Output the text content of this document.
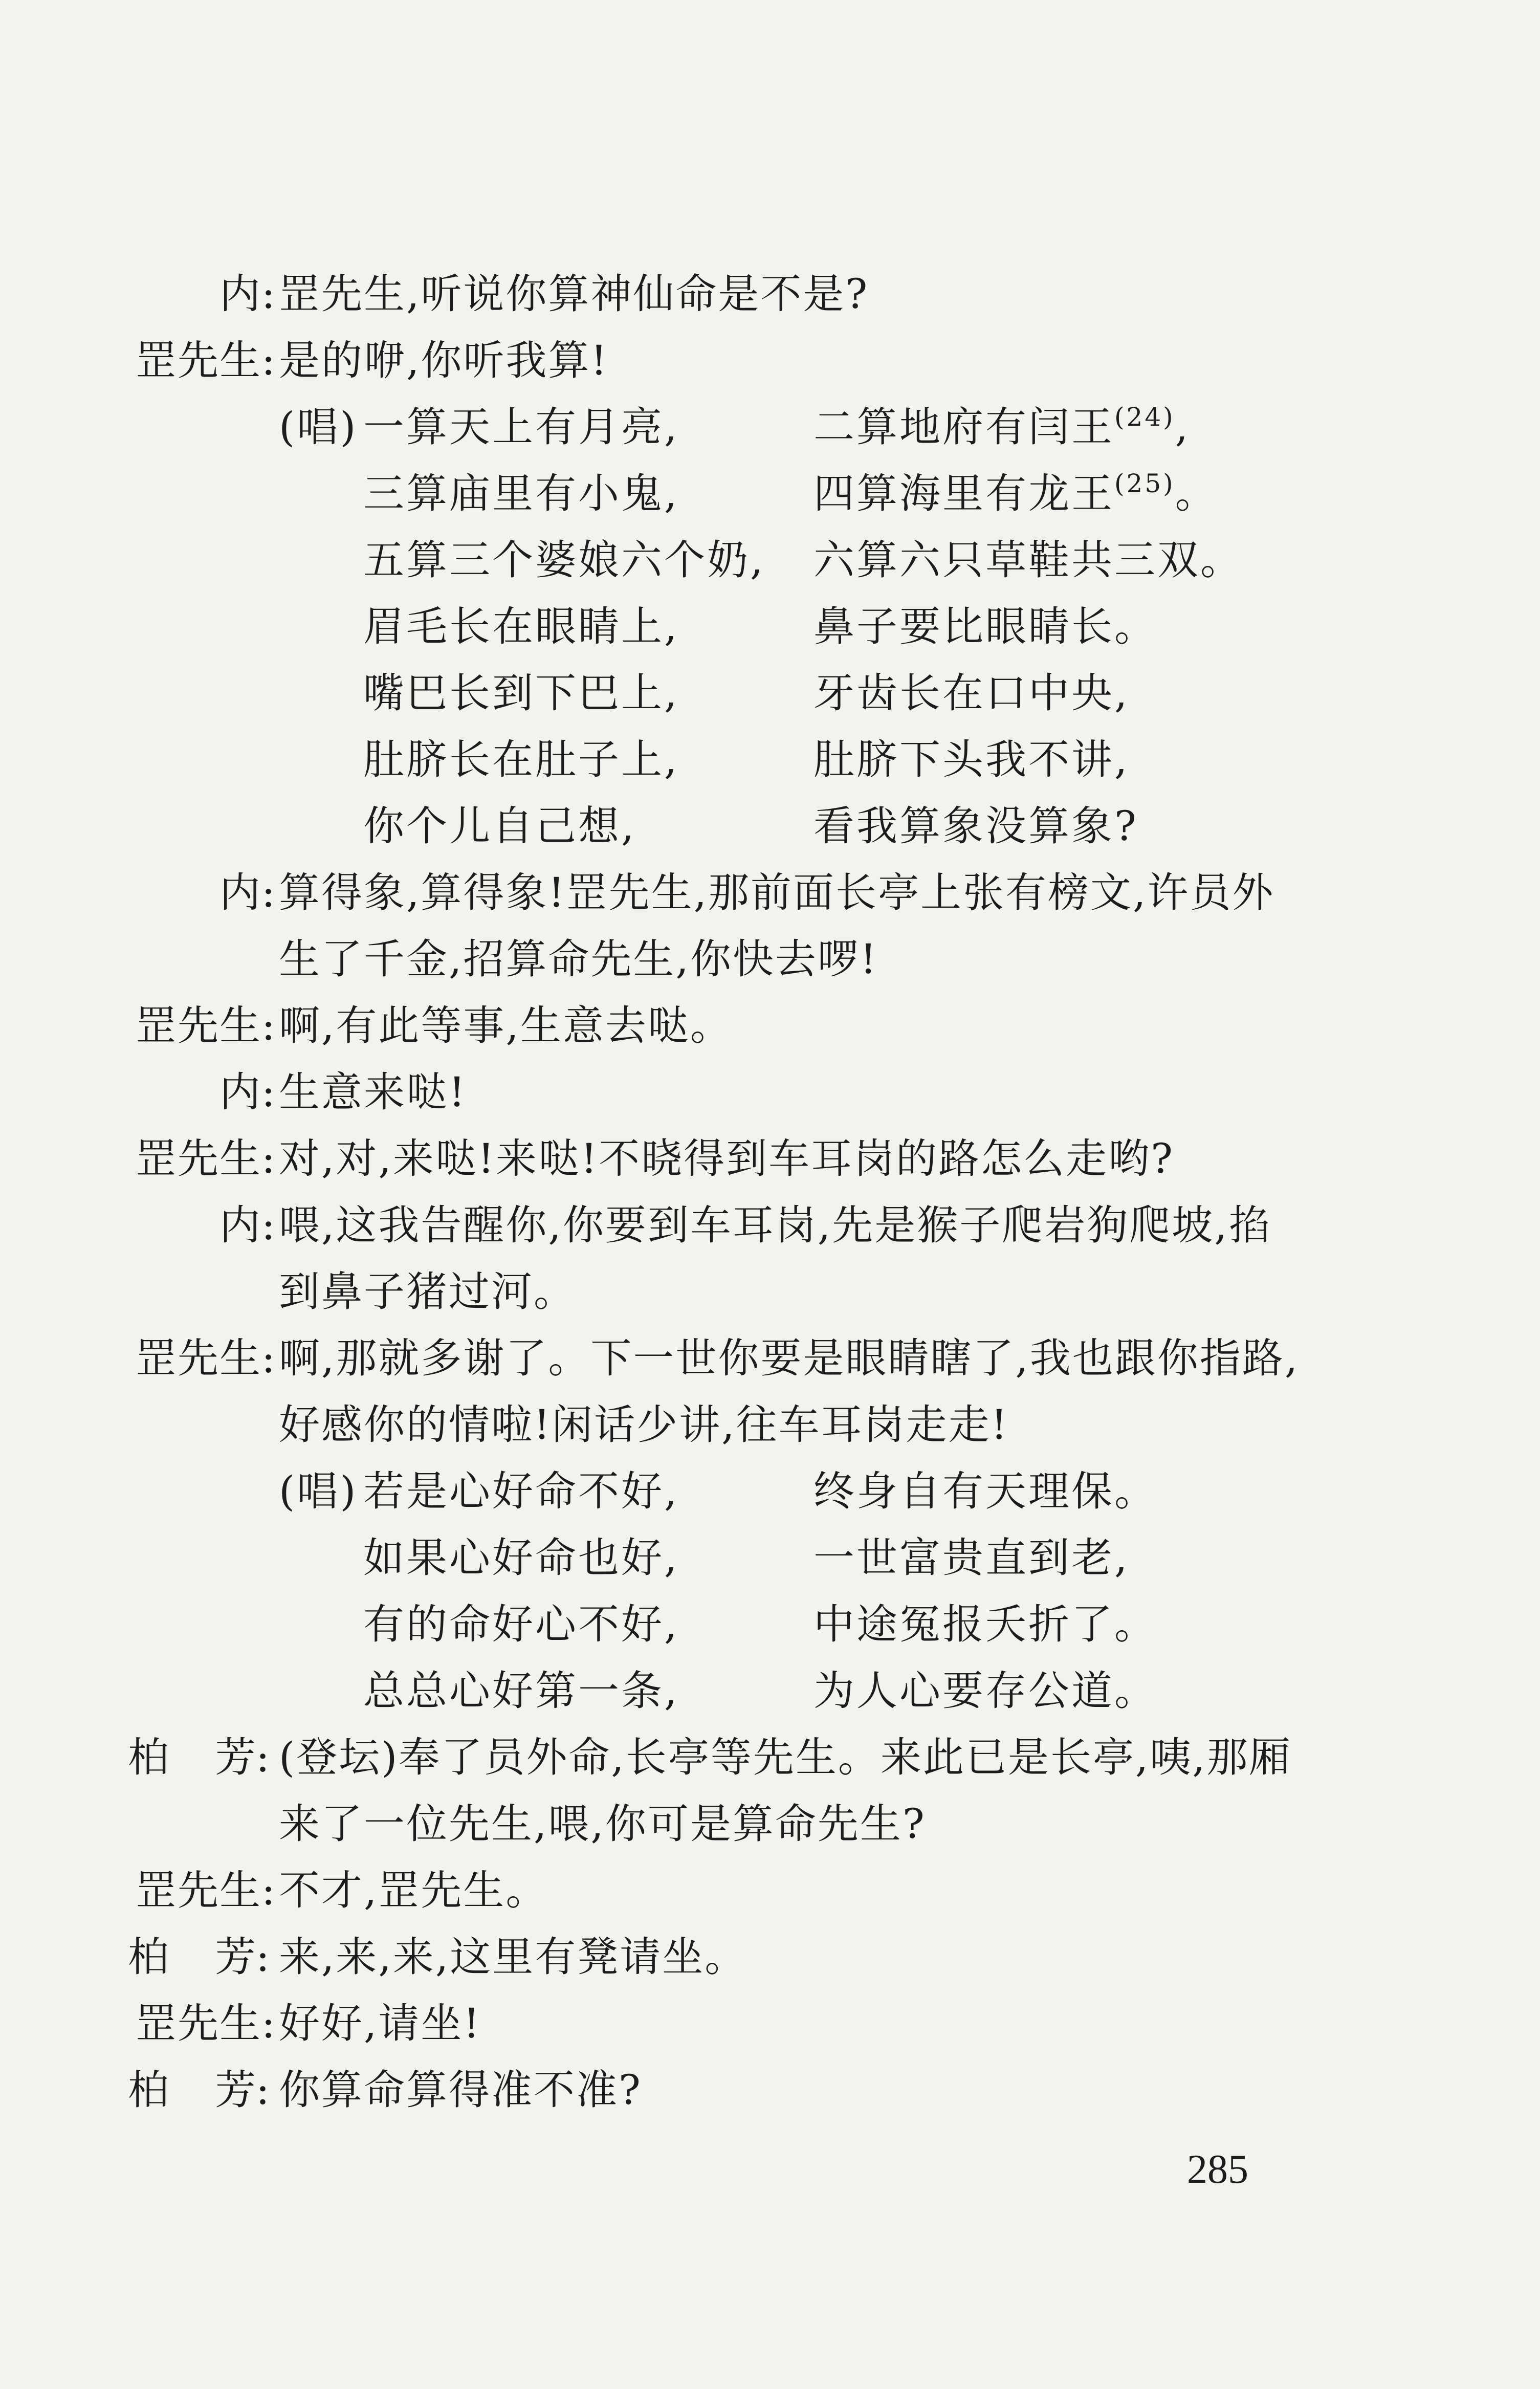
内: 罡先生,听说你算神仙命是不是?
罡先生: 是的咿,你听我算!
(唱) 一算天上有月亮,	二算地府有闫王$^{(24)}$,
三算庙里有小鬼,	四算海里有龙王$^{(25)}$。
五算三个婆娘六个奶, 六算六只草鞋共三双。
眉毛长在眼睛上,	鼻子要比眼睛长。
嘴巴长到下巴上,	牙齿长在口中央,
肚脐长在肚子上,	肚脐下头我不讲,
你个儿自己想,	看我算象没算象?
内: 算得象,算得象!罡先生,那前面长亭上张有榜文,许员外
生了千金,招算命先生,你快去啰!
罡先生: 啊,有此等事,生意去哒。
内: 生意来哒!
罡先生: 对,对,来哒!来哒!不晓得到车耳岗的路怎么走哟?
内: 喂,这我告醒你,你要到车耳岗,先是猴子爬岩狗爬坡,掐
到鼻子猪过河。
罡先生: 啊,那就多谢了。下一世你要是眼睛瞎了,我也跟你指路,
好感你的情啦!闲话少讲,往车耳岗走走!
(唱) 若是心好命不好,	终身自有天理保。
如果心好命也好,	一世富贵直到老,
有的命好心不好,	中途冤报夭折了。
总总心好第一条,	为人心要存公道。
柏 芳: (登坛)奉了员外命,长亭等先生。来此已是长亭,咦,那厢
来了一位先生,喂,你可是算命先生?
罡先生: 不才,罡先生。
柏 芳: 来,来,来,这里有凳请坐。
罡先生: 好好,请坐!
柏 芳: 你算命算得准不准?
285
